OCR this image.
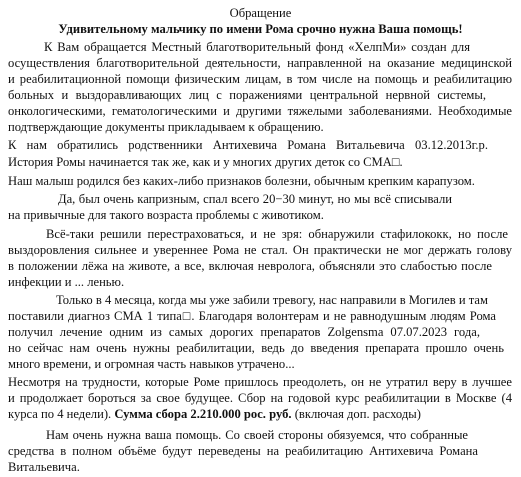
Обращение
Удивительному мальчику по имени Рома срочно нужна Ваша помощь!
К Вам обращается Местный благотворительный фонд «ХелпМи» создан для
осуществления благотворительной деятельности, направленной на оказание медицинской
и реабилитационной помощи физическим лицам, в том числе на помощь и реабилитацию
больных и выздоравливающих лиц с поражениями центральной нервной системы,
онкологическими, гематологическими и другими тяжелыми заболеваниями. Необходимые
подтверждающие документы прикладываем к обращению.
К нам обратились родственники Антихевича Романа Витальевича 03.12.2013г.р.
История Ромы начинается так же, как и у многих других деток со СМА□.
Наш малыш родился без каких-либо признаков болезни, обычным крепким карапузом.
Да, был очень капризным, спал всего 20−30 минут, но мы всё списывали
на привычные для такого возраста проблемы с животиком.
Всё-таки решили перестраховаться, и не зря: обнаружили стафилококк, но после
выздоровления сильнее и увереннее Рома не стал. Он практически не мог держать голову
в положении лёжа на животе, а все, включая невролога, объясняли это слабостью после
инфекции и ... ленью.
Только в 4 месяца, когда мы уже забили тревогу, нас направили в Могилев и там
поставили диагноз СМА 1 типа□. Благодаря волонтерам и не равнодушным людям Рома
получил лечение одним из самых дорогих препаратов Zolgensma 07.07.2023 года,
но сейчас нам очень нужны реабилитации, ведь до введения препарата прошло очень
много времени, и огромная часть навыков утрачено...
Несмотря на трудности, которые Роме пришлось преодолеть, он не утратил веру в лучшее
и продолжает бороться за свое будущее. Сбор на годовой курс реабилитации в Москве (4
курса по 4 недели). Сумма сбора 2.210.000 рос. руб. (включая доп. расходы)
Нам очень нужна ваша помощь. Со своей стороны обязуемся, что собранные
средства в полном объёме будут переведены на реабилитацию Антихевича Романа
Витальевича.
